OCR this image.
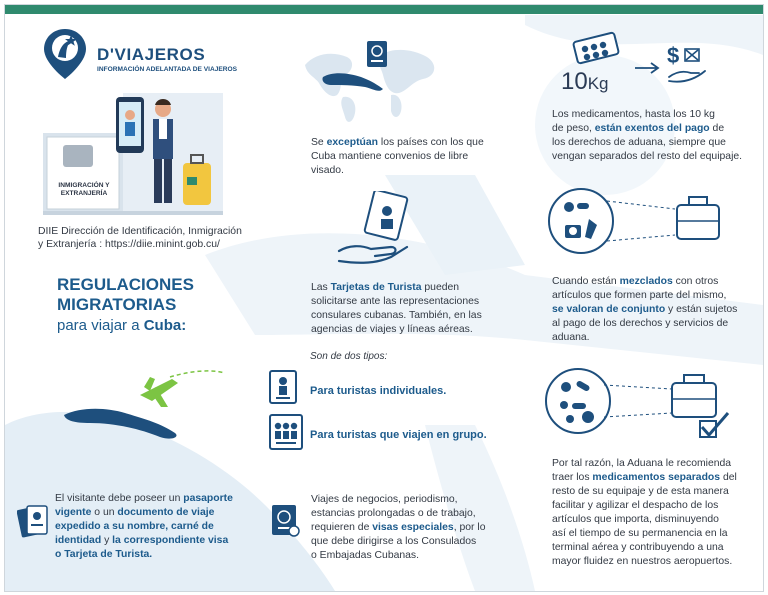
D'VIAJEROS
INFORMACIÓN ADELANTADA DE VIAJEROS
INMIGRACIÓN Y EXTRANJERÍA
DIIE Dirección de Identificación, Inmigración
y Extranjería : https://diie.minint.gob.cu/
REGULACIONES
MIGRATORIAS
para viajar a Cuba:
El visitante debe poseer un pasaporte
vigente o un documento de viaje
expedido a su nombre, carné de
identidad y la correspondiente visa
o Tarjeta de Turista.
Se exceptúan los países con los que
Cuba mantiene convenios de libre
visado.
Las Tarjetas de Turista pueden
solicitarse ante las representaciones
consulares cubanas. También, en las
agencias de viajes y líneas aéreas.
Son de dos tipos:
Para turistas individuales.
Para turistas que viajen en grupo.
Viajes de negocios, periodismo,
estancias prolongadas o de trabajo,
requieren de visas especiales, por lo
que debe dirigirse a los Consulados
o Embajadas Cubanas.
10Kg
$
Los medicamentos, hasta los 10 kg
de peso, están exentos del pago de
los derechos de aduana, siempre que
vengan separados del resto del equipaje.
Cuando están mezclados con otros
artículos que formen parte del mismo,
se valoran de conjunto y están sujetos
al pago de los derechos y servicios de
aduana.
Por tal razón, la Aduana le recomienda
traer los medicamentos separados del
resto de su equipaje y de esta manera
facilitar y agilizar el despacho de los
artículos que importa, disminuyendo
así el tiempo de su permanencia en la
terminal aérea y contribuyendo a una
mayor fluidez en nuestros aeropuertos.
